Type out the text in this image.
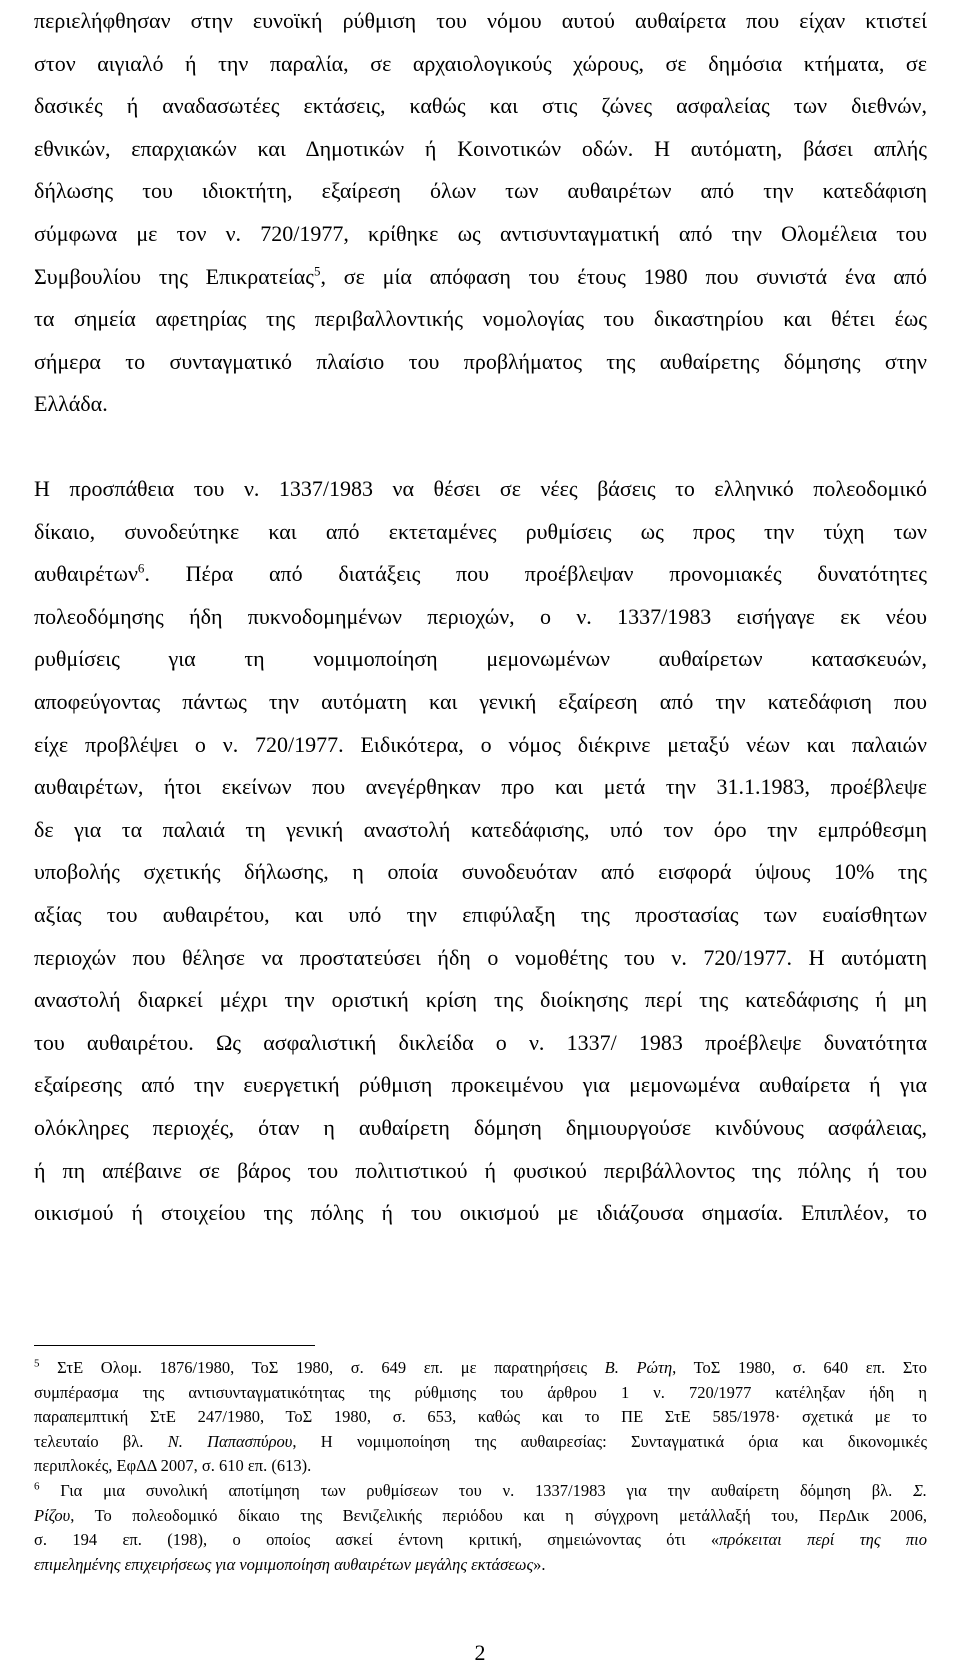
περιελήφθησαν στην ευνοϊκή ρύθμιση του νόμου αυτού αυθαίρετα που είχαν κτιστεί
στον αιγιαλό ή την παραλία, σε αρχαιολογικούς χώρους, σε δημόσια κτήματα, σε
δασικές ή αναδασωτέες εκτάσεις, καθώς και στις ζώνες ασφαλείας των διεθνών,
εθνικών, επαρχιακών και Δημοτικών ή Κοινοτικών οδών. Η αυτόματη, βάσει απλής
δήλωσης του ιδιοκτήτη, εξαίρεση όλων των αυθαιρέτων από την κατεδάφιση
σύμφωνα με τον ν. 720/1977, κρίθηκε ως αντισυνταγματική από την Ολομέλεια του
Συμβουλίου της Επικρατείας$^5$, σε μία απόφαση του έτους 1980 που συνιστά ένα από
τα σημεία αφετηρίας της περιβαλλοντικής νομολογίας του δικαστηρίου και θέτει έως
σήμερα το συνταγματικό πλαίσιο του προβλήματος της αυθαίρετης δόμησης στην
Ελλάδα.
Η προσπάθεια του ν. 1337/1983 να θέσει σε νέες βάσεις το ελληνικό πολεοδομικό
δίκαιο, συνοδεύτηκε και από εκτεταμένες ρυθμίσεις ως προς την τύχη των
αυθαιρέτων$^6$. Πέρα από διατάξεις που προέβλεψαν προνομιακές δυνατότητες
πολεοδόμησης ήδη πυκνοδομημένων περιοχών, ο ν. 1337/1983 εισήγαγε εκ νέου
ρυθμίσεις για τη νομιμοποίηση μεμονωμένων αυθαίρετων κατασκευών,
αποφεύγοντας πάντως την αυτόματη και γενική εξαίρεση από την κατεδάφιση που
είχε προβλέψει ο ν. 720/1977. Ειδικότερα, ο νόμος διέκρινε μεταξύ νέων και παλαιών
αυθαιρέτων, ήτοι εκείνων που ανεγέρθηκαν προ και μετά την 31.1.1983, προέβλεψε
δε για τα παλαιά τη γενική αναστολή κατεδάφισης, υπό τον όρο την εμπρόθεσμη
υποβολής σχετικής δήλωσης, η οποία συνοδευόταν από εισφορά ύψους 10% της
αξίας του αυθαιρέτου, και υπό την επιφύλαξη της προστασίας των ευαίσθητων
περιοχών που θέλησε να προστατεύσει ήδη ο νομοθέτης του ν. 720/1977. Η αυτόματη
αναστολή διαρκεί μέχρι την οριστική κρίση της διοίκησης περί της κατεδάφισης ή μη
του αυθαιρέτου. Ως ασφαλιστική δικλείδα ο ν. 1337/ 1983 προέβλεψε δυνατότητα
εξαίρεσης από την ευεργετική ρύθμιση προκειμένου για μεμονωμένα αυθαίρετα ή για
ολόκληρες περιοχές, όταν η αυθαίρετη δόμηση δημιουργούσε κινδύνους ασφάλειας,
ή πη απέβαινε σε βάρος του πολιτιστικού ή φυσικού περιβάλλοντος της πόλης ή του
οικισμού ή στοιχείου της πόλης ή του οικισμού με ιδιάζουσα σημασία. Επιπλέον, το
$^5$ ΣτΕ Ολομ. 1876/1980, ΤοΣ 1980, σ. 649 επ. με παρατηρήσεις Β. Ρώτη, ΤοΣ 1980, σ. 640 επ. Στο
συμπέρασμα της αντισυνταγματικότητας της ρύθμισης του άρθρου 1 ν. 720/1977 κατέληξαν ήδη η
παραπεμπτική ΣτΕ 247/1980, ΤοΣ 1980, σ. 653, καθώς και το ΠΕ ΣτΕ 585/1978· σχετικά με το
τελευταίο βλ. Ν. Παπασπύρου, Η νομιμοποίηση της αυθαιρεσίας: Συνταγματικά όρια και δικονομικές
περιπλοκές, ΕφΔΔ 2007, σ. 610 επ. (613).
$^6$ Για μια συνολική αποτίμηση των ρυθμίσεων του ν. 1337/1983 για την αυθαίρετη δόμηση βλ. Σ.
Ρίζου, Το πολεοδομικό δίκαιο της Βενιζελικής περιόδου και η σύγχρονη μετάλλαξή του, ΠερΔικ 2006,
σ. 194 επ. (198), ο οποίος ασκεί έντονη κριτική, σημειώνοντας ότι «πρόκειται περί της πιο
επιμελημένης επιχειρήσεως για νομιμοποίηση αυθαιρέτων μεγάλης εκτάσεως».
2
